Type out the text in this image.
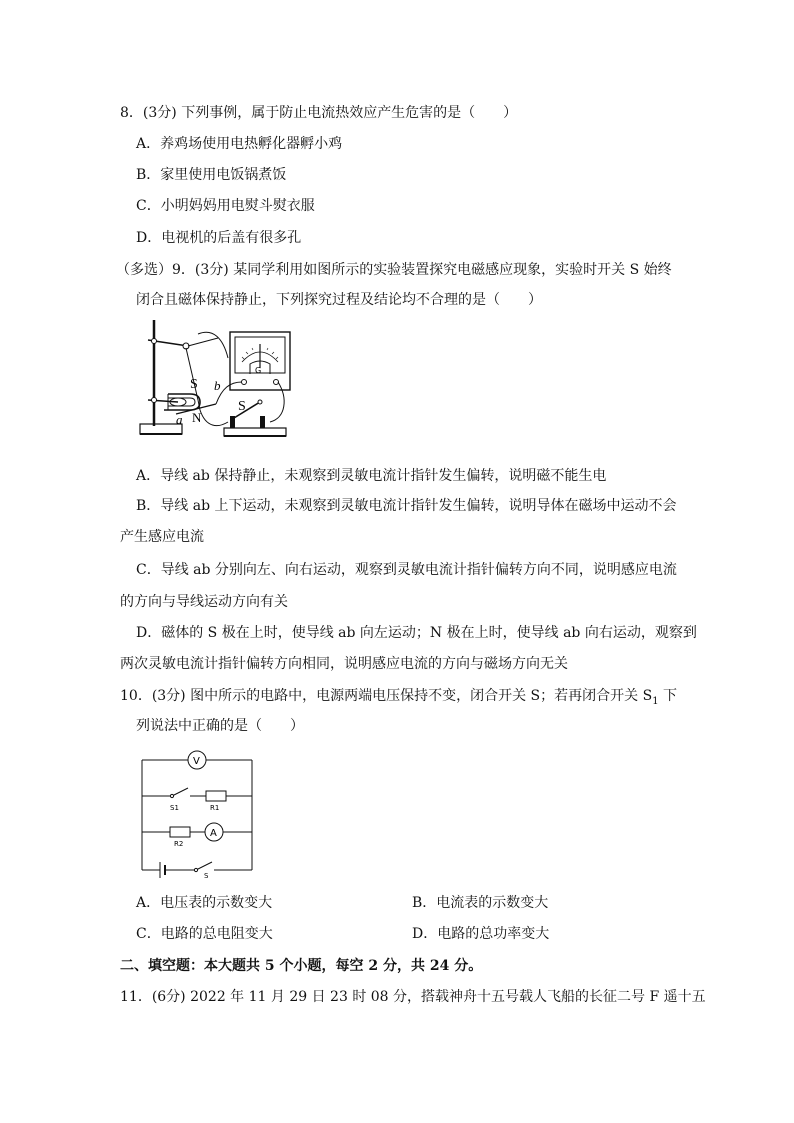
8．(3分) 下列事例，属于防止电流热效应产生危害的是（　　）
A．养鸡场使用电热孵化器孵小鸡
B．家里使用电饭锅煮饭
C．小明妈妈用电熨斗熨衣服
D．电视机的后盖有很多孔
（多选）9．(3分) 某同学利用如图所示的实验装置探究电磁感应现象，实验时开关 S 始终
闭合且磁体保持静止，下列探究过程及结论均不合理的是（　　）
S
N
a
b
G
S
A．导线 ab 保持静止，未观察到灵敏电流计指针发生偏转，说明磁不能生电
B．导线 ab 上下运动，未观察到灵敏电流计指针发生偏转，说明导体在磁场中运动不会
产生感应电流
C．导线 ab 分别向左、向右运动，观察到灵敏电流计指针偏转方向不同，说明感应电流
的方向与导线运动方向有关
D．磁体的 S 极在上时，使导线 ab 向左运动；N 极在上时，使导线 ab 向右运动，观察到
两次灵敏电流计指针偏转方向相同，说明感应电流的方向与磁场方向无关
10．(3分) 图中所示的电路中，电源两端电压保持不变，闭合开关 S；若再闭合开关 $S_1$ 下
列说法中正确的是（　　）
V
A
S1	R1
R2
S
A．电压表的示数变大	B．电流表的示数变大
C．电路的总电阻变大	D．电路的总功率变大
二、填空题：本大题共 5 个小题，每空 2 分，共 24 分。
11．(6分) 2022 年 11 月 29 日 23 时 08 分，搭载神舟十五号载人飞船的长征二号 F 遥十五
